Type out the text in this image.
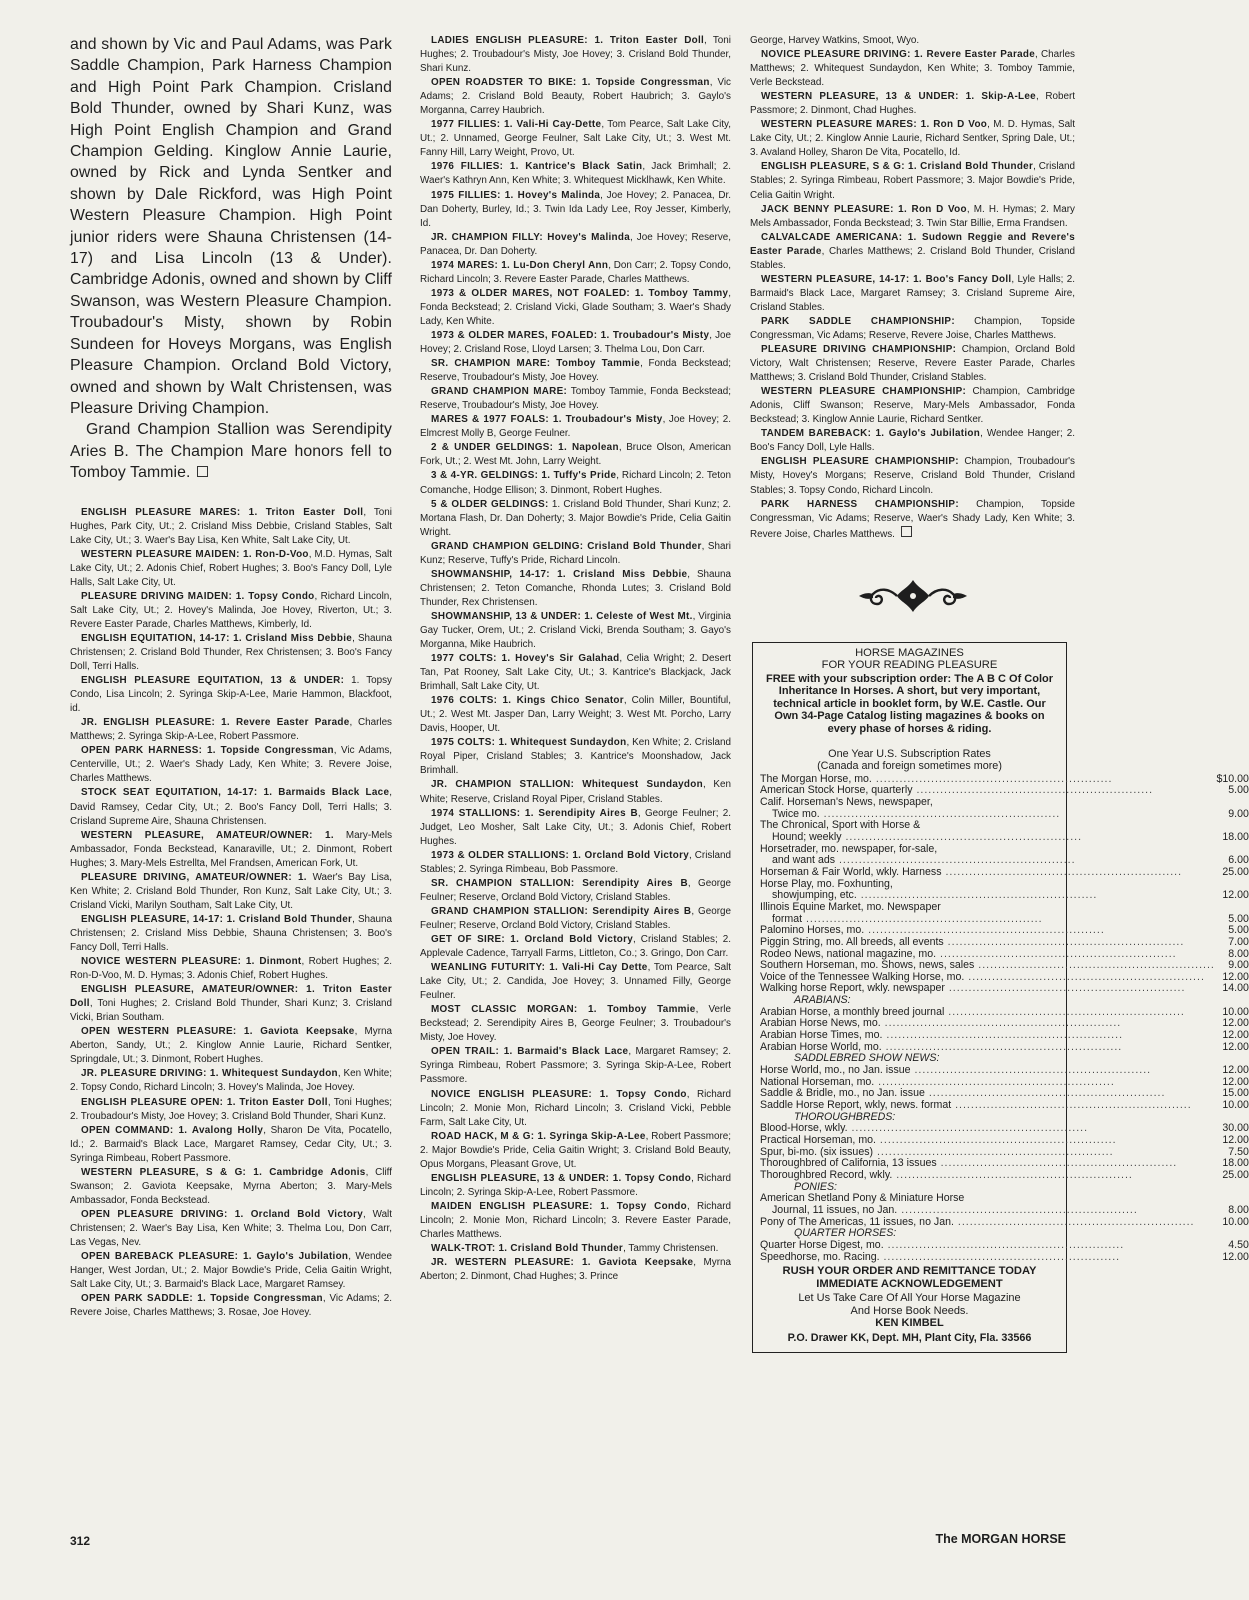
and shown by Vic and Paul Adams, was Park Saddle Champion, Park Harness Champion and High Point Park Champion. Crisland Bold Thunder, owned by Shari Kunz, was High Point English Champion and Grand Champion Gelding. Kinglow Annie Laurie, owned by Rick and Lynda Sentker and shown by Dale Rickford, was High Point Western Pleasure Champion. High Point junior riders were Shauna Christensen (14-17) and Lisa Lincoln (13 & Under). Cambridge Adonis, owned and shown by Cliff Swanson, was Western Pleasure Champion. Troubadour's Misty, shown by Robin Sundeen for Hoveys Morgans, was English Pleasure Champion. Orcland Bold Victory, owned and shown by Walt Christensen, was Pleasure Driving Champion.

Grand Champion Stallion was Serendipity Aries B. The Champion Mare honors fell to Tomboy Tammie.

ENGLISH PLEASURE MARES: 1. Triton Easter Doll, Toni Hughes, Park City, Ut.; 2. Crisland Miss Debbie, Crisland Stables, Salt Lake City, Ut.; 3. Waer's Bay Lisa, Ken White, Salt Lake City, Ut.

WESTERN PLEASURE MAIDEN: 1. Ron-D-Voo, M.D. Hymas, Salt Lake City, Ut.; 2. Adonis Chief, Robert Hughes; 3. Boo's Fancy Doll, Lyle Halls, Salt Lake City, Ut.

PLEASURE DRIVING MAIDEN: 1. Topsy Condo, Richard Lincoln, Salt Lake City, Ut.; 2. Hovey's Malinda, Joe Hovey, Riverton, Ut.; 3. Revere Easter Parade, Charles Matthews, Kimberly, Id.

ENGLISH EQUITATION, 14-17: 1. Crisland Miss Debbie, Shauna Christensen; 2. Crisland Bold Thunder, Rex Christensen; 3. Boo's Fancy Doll, Terri Halls.

ENGLISH PLEASURE EQUITATION, 13 & UNDER: 1. Topsy Condo, Lisa Lincoln; 2. Syringa Skip-A-Lee, Marie Hammon, Blackfoot, id.

JR. ENGLISH PLEASURE: 1. Revere Easter Parade, Charles Matthews; 2. Syringa Skip-A-Lee, Robert Passmore.

OPEN PARK HARNESS: 1. Topside Congressman, Vic Adams, Centerville, Ut.; 2. Waer's Shady Lady, Ken White; 3. Revere Joise, Charles Matthews.

STOCK SEAT EQUITATION, 14-17: 1. Barmaids Black Lace, David Ramsey, Cedar City, Ut.; 2. Boo's Fancy Doll, Terri Halls; 3. Crisland Supreme Aire, Shauna Christensen.

WESTERN PLEASURE, AMATEUR/OWNER: 1. Mary-Mels Ambassador, Fonda Beckstead, Kanaraville, Ut.; 2. Dinmont, Robert Hughes; 3. Mary-Mels Estrellta, Mel Frandsen, American Fork, Ut.

PLEASURE DRIVING, AMATEUR/OWNER: 1. Waer's Bay Lisa, Ken White; 2. Crisland Bold Thunder, Ron Kunz, Salt Lake City, Ut.; 3. Crisland Vicki, Marilyn Southam, Salt Lake City, Ut.

ENGLISH PLEASURE, 14-17: 1. Crisland Bold Thunder, Shauna Christensen; 2. Crisland Miss Debbie, Shauna Christensen; 3. Boo's Fancy Doll, Terri Halls.

NOVICE WESTERN PLEASURE: 1. Dinmont, Robert Hughes; 2. Ron-D-Voo, M. D. Hymas; 3. Adonis Chief, Robert Hughes.

ENGLISH PLEASURE, AMATEUR/OWNER: 1. Triton Easter Doll, Toni Hughes; 2. Crisland Bold Thunder, Shari Kunz; 3. Crisland Vicki, Brian Southam.

OPEN WESTERN PLEASURE: 1. Gaviota Keepsake, Myrna Aberton, Sandy, Ut.; 2. Kinglow Annie Laurie, Richard Sentker, Springdale, Ut.; 3. Dinmont, Robert Hughes.

JR. PLEASURE DRIVING: 1. Whitequest Sundaydon, Ken White; 2. Topsy Condo, Richard Lincoln; 3. Hovey's Malinda, Joe Hovey.

ENGLISH PLEASURE OPEN: 1. Triton Easter Doll, Toni Hughes; 2. Troubadour's Misty, Joe Hovey; 3. Crisland Bold Thunder, Shari Kunz.

OPEN COMMAND: 1. Avalong Holly, Sharon De Vita, Pocatello, Id.; 2. Barmaid's Black Lace, Margaret Ramsey, Cedar City, Ut.; 3. Syringa Rimbeau, Robert Passmore.

WESTERN PLEASURE, S & G: 1. Cambridge Adonis, Cliff Swanson; 2. Gaviota Keepsake, Myrna Aberton; 3. Mary-Mels Ambassador, Fonda Beckstead.

OPEN PLEASURE DRIVING: 1. Orcland Bold Victory, Walt Christensen; 2. Waer's Bay Lisa, Ken White; 3. Thelma Lou, Don Carr, Las Vegas, Nev.

OPEN BAREBACK PLEASURE: 1. Gaylo's Jubilation, Wendee Hanger, West Jordan, Ut.; 2. Major Bowdie's Pride, Celia Gaitin Wright, Salt Lake City, Ut.; 3. Barmaid's Black Lace, Margaret Ramsey.

OPEN PARK SADDLE: 1. Topside Congressman, Vic Adams; 2. Revere Joise, Charles Matthews; 3. Rosae, Joe Hovey.

LADIES ENGLISH PLEASURE: 1. Triton Easter Doll, Toni Hughes; 2. Troubadour's Misty, Joe Hovey; 3. Crisland Bold Thunder, Shari Kunz.

OPEN ROADSTER TO BIKE: 1. Topside Congressman, Vic Adams; 2. Crisland Bold Beauty, Robert Haubrich; 3. Gaylo's Morganna, Carrey Haubrich.

1977 FILLIES: 1. Vali-Hi Cay-Dette, Tom Pearce, Salt Lake City, Ut.; 2. Unnamed, George Feulner, Salt Lake City, Ut.; 3. West Mt. Fanny Hill, Larry Weight, Provo, Ut.

1976 FILLIES: 1. Kantrice's Black Satin, Jack Brimhall; 2. Waer's Kathryn Ann, Ken White; 3. Whitequest Micklhawk, Ken White.

1975 FILLIES: 1. Hovey's Malinda, Joe Hovey; 2. Panacea, Dr. Dan Doherty, Burley, Id.; 3. Twin Ida Lady Lee, Roy Jesser, Kimberly, Id.

JR. CHAMPION FILLY: Hovey's Malinda, Joe Hovey; Reserve, Panacea, Dr. Dan Doherty.

1974 MARES: 1. Lu-Don Cheryl Ann, Don Carr; 2. Topsy Condo, Richard Lincoln; 3. Revere Easter Parade, Charles Matthews.

1973 & OLDER MARES, NOT FOALED: 1. Tomboy Tammy, Fonda Beckstead; 2. Crisland Vicki, Glade Southam; 3. Waer's Shady Lady, Ken White.

1973 & OLDER MARES, FOALED: 1. Troubadour's Misty, Joe Hovey; 2. Crisland Rose, Lloyd Larsen; 3. Thelma Lou, Don Carr.

SR. CHAMPION MARE: Tomboy Tammie, Fonda Beckstead; Reserve, Troubadour's Misty, Joe Hovey.

GRAND CHAMPION MARE: Tomboy Tammie, Fonda Beckstead; Reserve, Troubadour's Misty, Joe Hovey.

MARES & 1977 FOALS: 1. Troubadour's Misty, Joe Hovey; 2. Elmcrest Molly B, George Feulner.

2 & UNDER GELDINGS: 1. Napolean, Bruce Olson, American Fork, Ut.; 2. West Mt. John, Larry Weight.

3 & 4-YR. GELDINGS: 1. Tuffy's Pride, Richard Lincoln; 2. Teton Comanche, Hodge Ellison; 3. Dinmont, Robert Hughes.

5 & OLDER GELDINGS: 1. Crisland Bold Thunder, Shari Kunz; 2. Mortana Flash, Dr. Dan Doherty; 3. Major Bowdie's Pride, Celia Gaitin Wright.

GRAND CHAMPION GELDING: Crisland Bold Thunder, Shari Kunz; Reserve, Tuffy's Pride, Richard Lincoln.

SHOWMANSHIP, 14-17: 1. Crisland Miss Debbie, Shauna Christensen; 2. Teton Comanche, Rhonda Lutes; 3. Crisland Bold Thunder, Rex Christensen.

SHOWMANSHIP, 13 & UNDER: 1. Celeste of West Mt., Virginia Gay Tucker, Orem, Ut.; 2. Crisland Vicki, Brenda Southam; 3. Gayo's Morganna, Mike Haubrich.

1977 COLTS: 1. Hovey's Sir Galahad, Celia Wright; 2. Desert Tan, Pat Rooney, Salt Lake City, Ut.; 3. Kantrice's Blackjack, Jack Brimhall, Salt Lake City, Ut.

1976 COLTS: 1. Kings Chico Senator, Colin Miller, Bountiful, Ut.; 2. West Mt. Jasper Dan, Larry Weight; 3. West Mt. Porcho, Larry Davis, Hooper, Ut.

1975 COLTS: 1. Whitequest Sundaydon, Ken White; 2. Crisland Royal Piper, Crisland Stables; 3. Kantrice's Moonshadow, Jack Brimhall.

JR. CHAMPION STALLION: Whitequest Sundaydon, Ken White; Reserve, Crisland Royal Piper, Crisland Stables.

1974 STALLIONS: 1. Serendipity Aires B, George Feulner; 2. Judget, Leo Mosher, Salt Lake City, Ut.; 3. Adonis Chief, Robert Hughes.

1973 & OLDER STALLIONS: 1. Orcland Bold Victory, Crisland Stables; 2. Syringa Rimbeau, Bob Passmore.

SR. CHAMPION STALLION: Serendipity Aires B, George Feulner; Reserve, Orcland Bold Victory, Crisland Stables.

GRAND CHAMPION STALLION: Serendipity Aires B, George Feulner; Reserve, Orcland Bold Victory, Crisland Stables.

GET OF SIRE: 1. Orcland Bold Victory, Crisland Stables; 2. Applevale Cadence, Tarryall Farms, Littleton, Co.; 3. Gringo, Don Carr.

WEANLING FUTURITY: 1. Vali-Hi Cay Dette, Tom Pearce, Salt Lake City, Ut.; 2. Candida, Joe Hovey; 3. Unnamed Filly, George Feulner.

MOST CLASSIC MORGAN: 1. Tomboy Tammie, Verle Beckstead; 2. Serendipity Aires B, George Feulner; 3. Troubadour's Misty, Joe Hovey.

OPEN TRAIL: 1. Barmaid's Black Lace, Margaret Ramsey; 2. Syringa Rimbeau, Robert Passmore; 3. Syringa Skip-A-Lee, Robert Passmore.

NOVICE ENGLISH PLEASURE: 1. Topsy Condo, Richard Lincoln; 2. Monie Mon, Richard Lincoln; 3. Crisland Vicki, Pebble Farm, Salt Lake City, Ut.

ROAD HACK, M & G: 1. Syringa Skip-A-Lee, Robert Passmore; 2. Major Bowdie's Pride, Celia Gaitin Wright; 3. Crisland Bold Beauty, Opus Morgans, Pleasant Grove, Ut.

ENGLISH PLEASURE, 13 & UNDER: 1. Topsy Condo, Richard Lincoln; 2. Syringa Skip-A-Lee, Robert Passmore.

MAIDEN ENGLISH PLEASURE: 1. Topsy Condo, Richard Lincoln; 2. Monie Mon, Richard Lincoln; 3. Revere Easter Parade, Charles Matthews.

WALK-TROT: 1. Crisland Bold Thunder, Tammy Christensen.

JR. WESTERN PLEASURE: 1. Gaviota Keepsake, Myrna Aberton; 2. Dinmont, Chad Hughes; 3. Prince

George, Harvey Watkins, Smoot, Wyo.

NOVICE PLEASURE DRIVING: 1. Revere Easter Parade, Charles Matthews; 2. Whitequest Sundaydon, Ken White; 3. Tomboy Tammie, Verle Beckstead.

WESTERN PLEASURE, 13 & UNDER: 1. Skip-A-Lee, Robert Passmore; 2. Dinmont, Chad Hughes.

WESTERN PLEASURE MARES: 1. Ron D Voo, M. D. Hymas, Salt Lake City, Ut.; 2. Kinglow Annie Laurie, Richard Sentker, Spring Dale, Ut.; 3. Avaland Holley, Sharon De Vita, Pocatello, Id.

ENGLISH PLEASURE, S & G: 1. Crisland Bold Thunder, Crisland Stables; 2. Syringa Rimbeau, Robert Passmore; 3. Major Bowdie's Pride, Celia Gaitin Wright.

JACK BENNY PLEASURE: 1. Ron D Voo, M. H. Hymas; 2. Mary Mels Ambassador, Fonda Beckstead; 3. Twin Star Billie, Erma Frandsen.

CALVALCADE AMERICANA: 1. Sudown Reggie and Revere's Easter Parade, Charles Matthews; 2. Crisland Bold Thunder, Crisland Stables.

WESTERN PLEASURE, 14-17: 1. Boo's Fancy Doll, Lyle Halls; 2. Barmaid's Black Lace, Margaret Ramsey; 3. Crisland Supreme Aire, Crisland Stables.

PARK SADDLE CHAMPIONSHIP: Champion, Topside Congressman, Vic Adams; Reserve, Revere Joise, Charles Matthews.

PLEASURE DRIVING CHAMPIONSHIP: Champion, Orcland Bold Victory, Walt Christensen; Reserve, Revere Easter Parade, Charles Matthews; 3. Crisland Bold Thunder, Crisland Stables.

WESTERN PLEASURE CHAMPIONSHIP: Champion, Cambridge Adonis, Cliff Swanson; Reserve, Mary-Mels Ambassador, Fonda Beckstead; 3. Kinglow Annie Laurie, Richard Sentker.

TANDEM BAREBACK: 1. Gaylo's Jubilation, Wendee Hanger; 2. Boo's Fancy Doll, Lyle Halls.

ENGLISH PLEASURE CHAMPIONSHIP: Champion, Troubadour's Misty, Hovey's Morgans; Reserve, Crisland Bold Thunder, Crisland Stables; 3. Topsy Condo, Richard Lincoln.

PARK HARNESS CHAMPIONSHIP: Champion, Topside Congressman, Vic Adams; Reserve, Waer's Shady Lady, Ken White; 3. Revere Joise, Charles Matthews.

HORSE MAGAZINES
FOR YOUR READING PLEASURE
FREE with your subscription order: The A B C Of Color Inheritance In Horses. A short, but very important, technical article in booklet form, by W.E. Castle. Our Own 34-Page Catalog listing magazines & books on every phase of horses & riding.
One Year U.S. Subscription Rates
(Canada and foreign sometimes more)
The Morgan Horse, mo. ............................................................	$10.00
American Stock Horse, quarterly ............................................................	5.00
Calif. Horseman's News, newspaper,	
Twice mo. ............................................................	9.00
The Chronical, Sport with Horse &	
Hound; weekly ............................................................	18.00
Horsetrader, mo. newspaper, for-sale,	
and want ads ............................................................	6.00
Horseman & Fair World, wkly. Harness ............................................................	25.00
Horse Play, mo. Foxhunting,	
showjumping, etc. ............................................................	12.00
Illinois Equine Market, mo. Newspaper	
format ............................................................	5.00
Palomino Horses, mo. ............................................................	5.00
Piggin String, mo. All breeds, all events ............................................................	7.00
Rodeo News, national magazine, mo. ............................................................	8.00
Southern Horseman, mo. Shows, news, sales ............................................................	9.00
Voice of the Tennessee Walking Horse, mo. ............................................................	12.00
Walking horse Report, wkly. newspaper ............................................................	14.00
ARABIANS:	
Arabian Horse, a monthly breed journal ............................................................	10.00
Arabian Horse News, mo. ............................................................	12.00
Arabian Horse Times, mo. ............................................................	12.00
Arabian Horse World, mo. ............................................................	12.00
SADDLEBRED SHOW NEWS:	
Horse World, mo., no Jan. issue ............................................................	12.00
National Horseman, mo. ............................................................	12.00
Saddle & Bridle, mo., no Jan. issue ............................................................	15.00
Saddle Horse Report, wkly, news. format ............................................................	10.00
THOROUGHBREDS:	
Blood-Horse, wkly. ............................................................	30.00
Practical Horseman, mo. ............................................................	12.00
Spur, bi-mo. (six issues) ............................................................	7.50
Thoroughbred of California, 13 issues ............................................................	18.00
Thoroughbred Record, wkly. ............................................................	25.00
PONIES:	
American Shetland Pony & Miniature Horse	
Journal, 11 issues, no Jan. ............................................................	8.00
Pony of The Americas, 11 issues, no Jan. ............................................................	10.00
QUARTER HORSES:	
Quarter Horse Digest, mo. ............................................................	4.50
Speedhorse, mo. Racing. ............................................................	12.00
RUSH YOUR ORDER AND REMITTANCE TODAY
IMMEDIATE ACKNOWLEDGEMENT
Let Us Take Care Of All Your Horse Magazine
And Horse Book Needs.
KEN KIMBEL
P.O. Drawer KK, Dept. MH, Plant City, Fla. 33566
312	The MORGAN HORSE
